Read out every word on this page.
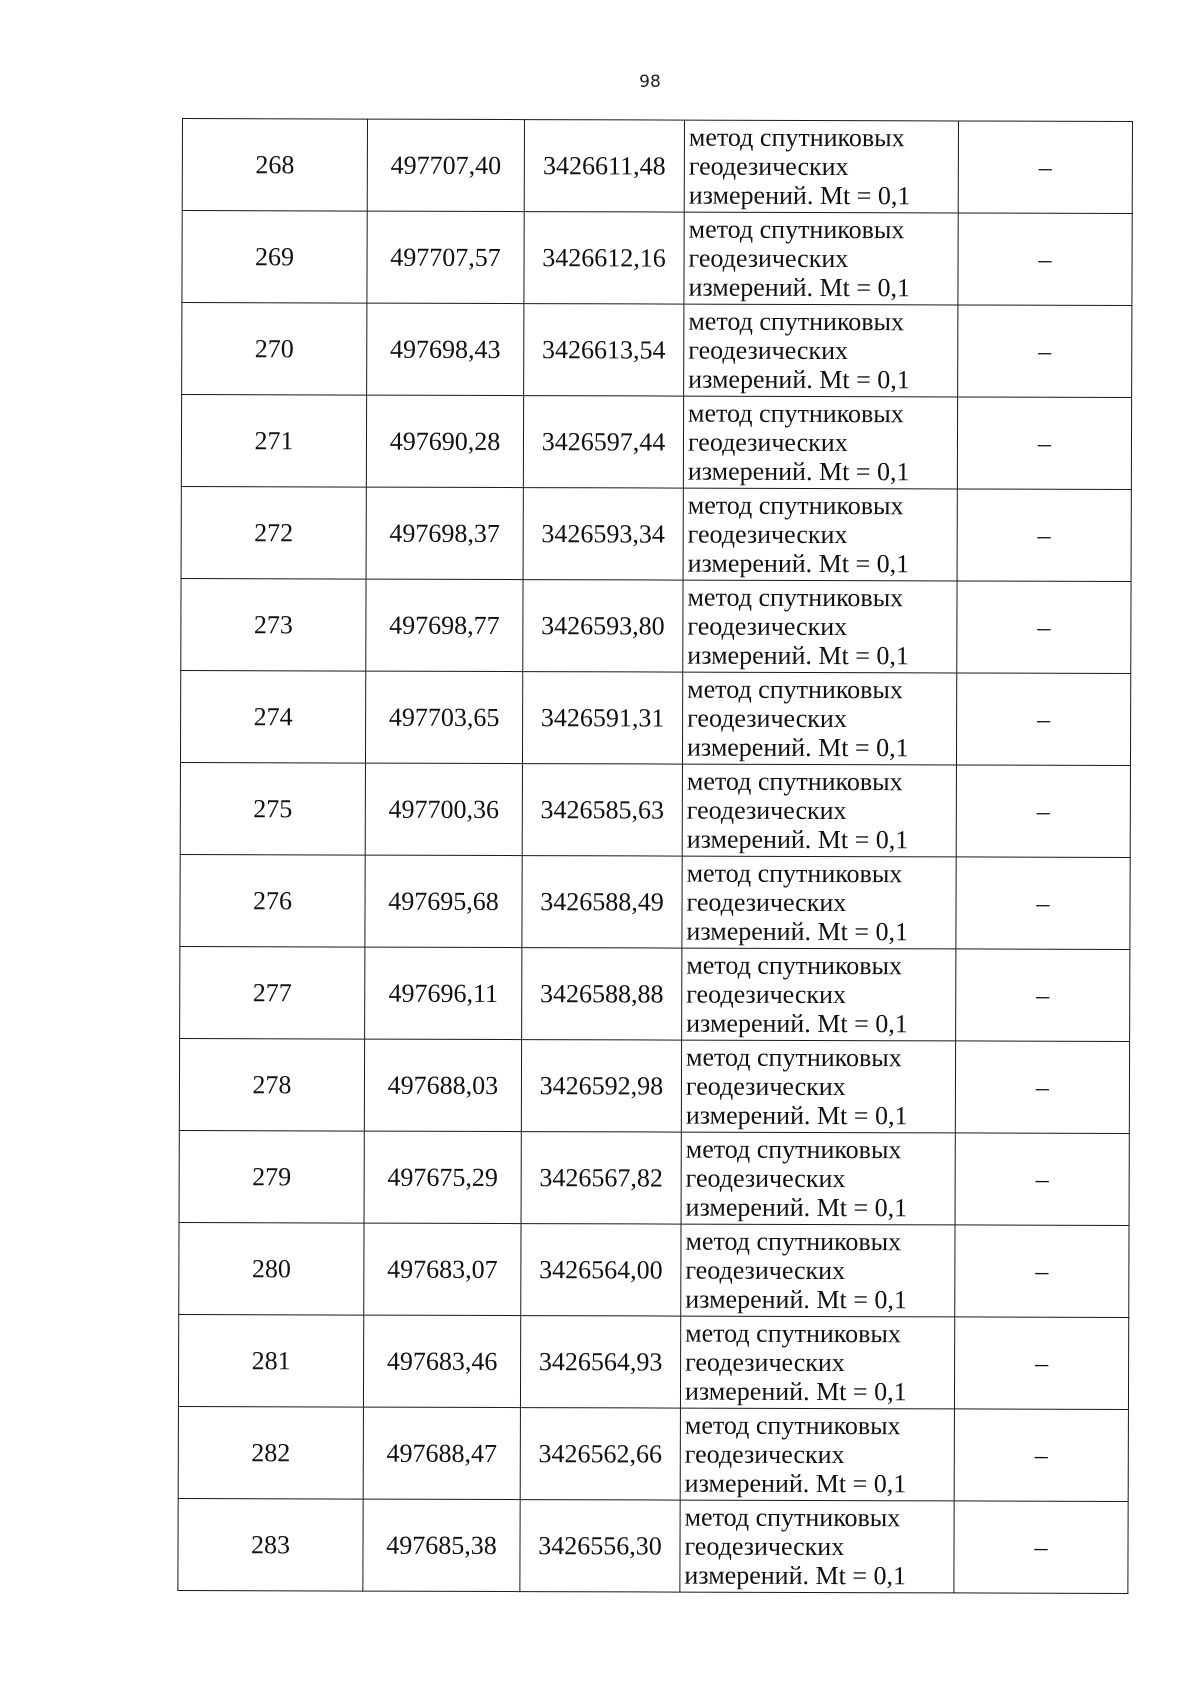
98
268	497707,40	3426611,48	метод спутниковых
геодезических
измерений. Mt = 0,1	–
269	497707,57	3426612,16	метод спутниковых
геодезических
измерений. Mt = 0,1	–
270	497698,43	3426613,54	метод спутниковых
геодезических
измерений. Mt = 0,1	–
271	497690,28	3426597,44	метод спутниковых
геодезических
измерений. Mt = 0,1	–
272	497698,37	3426593,34	метод спутниковых
геодезических
измерений. Mt = 0,1	–
273	497698,77	3426593,80	метод спутниковых
геодезических
измерений. Mt = 0,1	–
274	497703,65	3426591,31	метод спутниковых
геодезических
измерений. Mt = 0,1	–
275	497700,36	3426585,63	метод спутниковых
геодезических
измерений. Mt = 0,1	–
276	497695,68	3426588,49	метод спутниковых
геодезических
измерений. Mt = 0,1	–
277	497696,11	3426588,88	метод спутниковых
геодезических
измерений. Mt = 0,1	–
278	497688,03	3426592,98	метод спутниковых
геодезических
измерений. Mt = 0,1	–
279	497675,29	3426567,82	метод спутниковых
геодезических
измерений. Mt = 0,1	–
280	497683,07	3426564,00	метод спутниковых
геодезических
измерений. Mt = 0,1	–
281	497683,46	3426564,93	метод спутниковых
геодезических
измерений. Mt = 0,1	–
282	497688,47	3426562,66	метод спутниковых
геодезических
измерений. Mt = 0,1	–
283	497685,38	3426556,30	метод спутниковых
геодезических
измерений. Mt = 0,1	–
